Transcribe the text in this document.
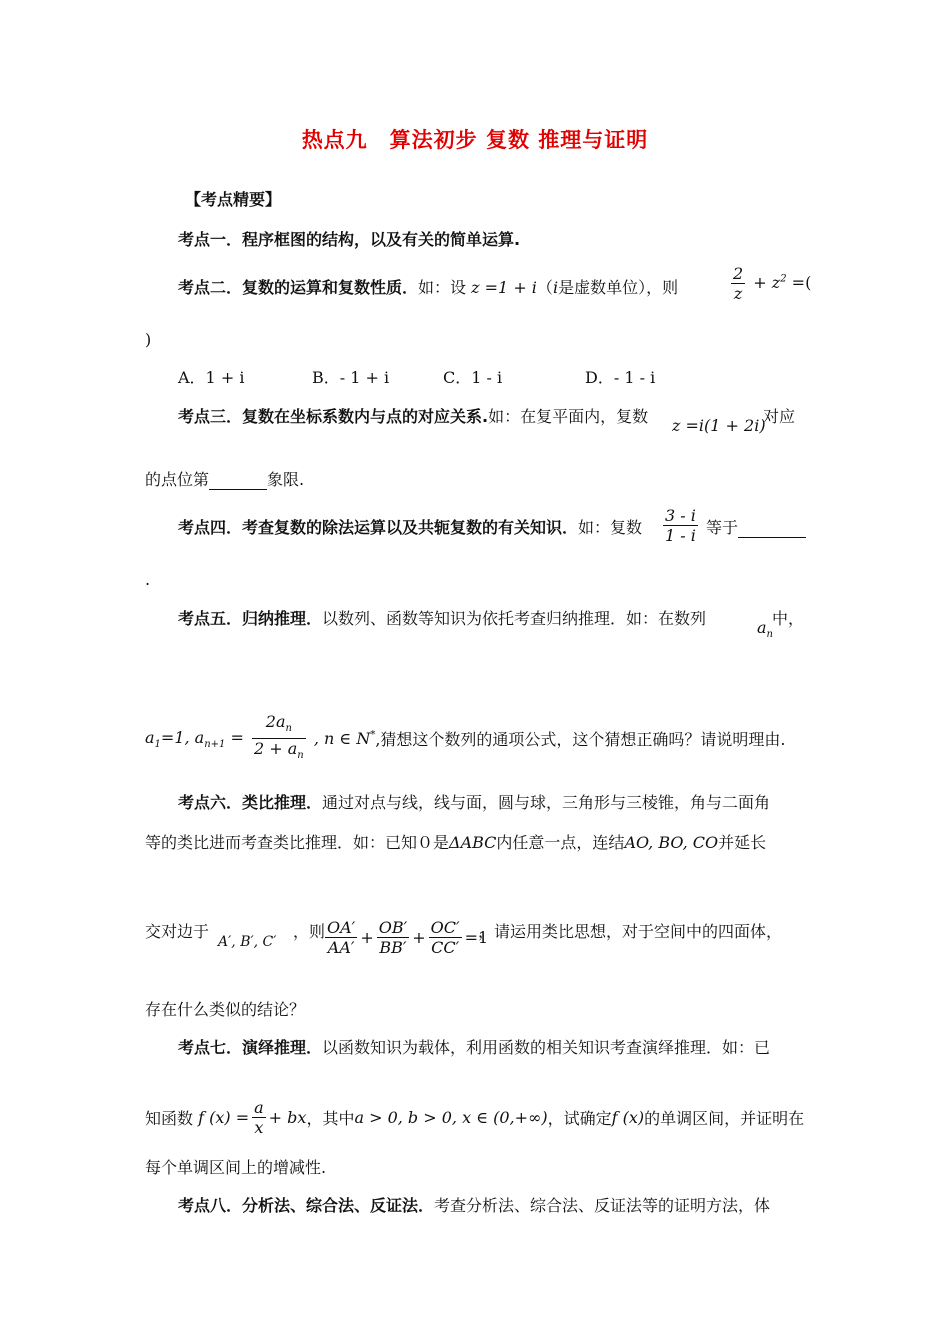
热点九　算法初步 复数 推理与证明
【考点精要】
考点一．程序框图的结构，以及有关的简单运算.
考点二．复数的运算和复数性质．如：设 z =1 + i（i是虚数单位），则	$\frac{2}{z} + z^2$ =(
)
A．1 + i	B．- 1 + i	C．1 - i	D．- 1 - i
考点三．复数在坐标系数内与点的对应关系.如：在复平面内，复数 z =i(1 + 2i)
对应
的点位第	象限.
考点四．考查复数的除法运算以及共轭复数的有关知识．如：复数 $\frac{3 - i}{1 - i}$ 等于
.
考点五．归纳推理．以数列、函数等知识为依托考查归纳推理．如：在数列	$a_n$
中，
$a_1=1$, $a_{n+1} = \frac{2a_n}{2 + a_n}$ , n ∈ N*,猜想这个数列的通项公式，这个猜想正确吗？请说明理由.
考点六．类比推理．通过对点与线，线与面，圆与球，三角形与三棱锥，角与二面角
等的类比进而考查类比推理．如：已知０是ΔABC内任意一点，连结AO, BO, CO并延长
交对边于
A′, B′, C′
，则 $\frac{OA'}{AA'} + \frac{OB'}{BB'} + \frac{OC'}{CC'} =1$
，请运用类比思想，对于空间中的四面体，
存在什么类似的结论？
考点七．演绎推理．以函数知识为载体，利用函数的相关知识考查演绎推理．如：已
知函数 f $(x) = \frac{a}{x}$ + bx，其中a > 0, b > 0, x ∈ (0,+∞)，试确定f (x)的单调区间，并证明在
每个单调区间上的增减性.
考点八．分析法、综合法、反证法．考查分析法、综合法、反证法等的证明方法，体
